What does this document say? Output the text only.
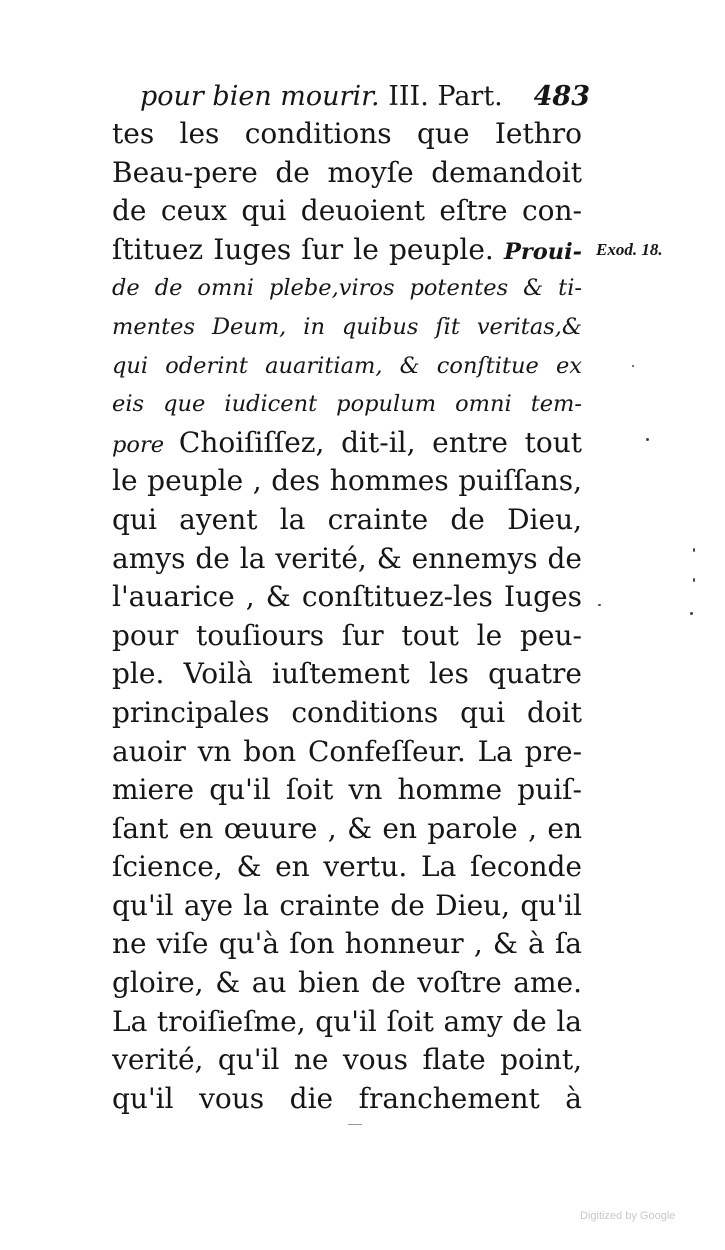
pour bien mourir. III. Part. 483
tes les conditions que Iethro
Beau-pere de moyſe demandoit
de ceux qui deuoient eſtre con-
ſtituez Iuges ſur le peuple. Proui-
de de omni plebe,viros potentes & ti-
mentes Deum, in quibus ſit veritas,&
qui oderint auaritiam, & conſtitue ex
eis que iudicent populum omni tem-
pore Choiſiſſez, dit-il, entre tout
le peuple , des hommes puiſſans,
qui ayent la crainte de Dieu,
amys de la verité, & ennemys de
l'auarice , & conſtituez-les Iuges
pour touſiours ſur tout le peu-
ple. Voilà iuſtement les quatre
principales conditions qui doit
auoir vn bon Confeſſeur. La pre-
miere qu'il ſoit vn homme puiſ-
ſant en œuure , & en parole , en
ſcience, & en vertu. La ſeconde
qu'il aye la crainte de Dieu, qu'il
ne viſe qu'à ſon honneur , & à ſa
gloire, & au bien de voſtre ame.
La troiſieſme, qu'il ſoit amy de la
verité, qu'il ne vous flate point,
qu'il vous die franchement à
Exod. 18.
Digitized by Google
